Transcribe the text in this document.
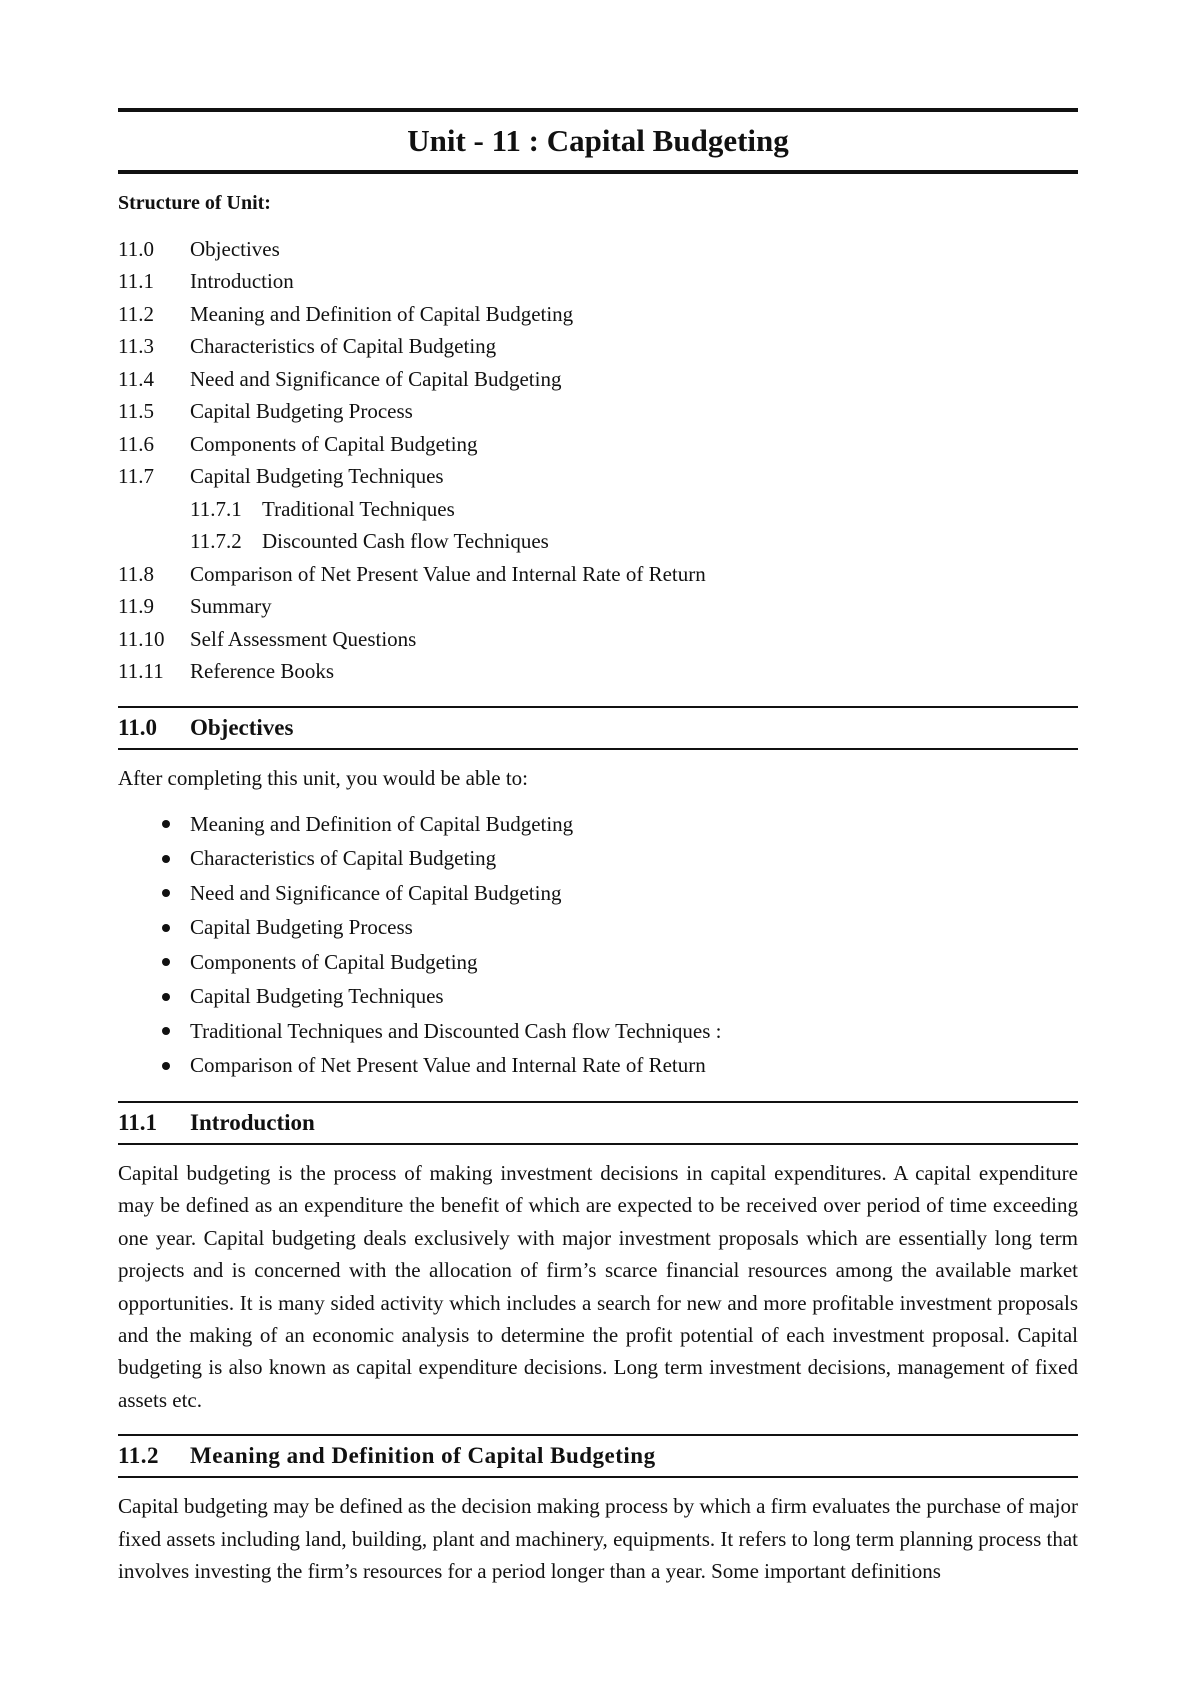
Unit - 11 : Capital Budgeting
Structure of Unit:
11.0	Objectives
11.1	Introduction
11.2	Meaning and Definition of Capital Budgeting
11.3	Characteristics of Capital Budgeting
11.4	Need and Significance of Capital Budgeting
11.5	Capital Budgeting Process
11.6	Components of Capital Budgeting
11.7	Capital Budgeting Techniques
11.7.1 Traditional Techniques
11.7.2 Discounted Cash flow Techniques
11.8	Comparison of Net Present Value and Internal Rate of Return
11.9	Summary
11.10	Self Assessment Questions
11.11	Reference Books
11.0	Objectives
After completing this unit, you would be able to:
Meaning and Definition of Capital Budgeting
Characteristics of Capital Budgeting
Need and Significance of Capital Budgeting
Capital Budgeting Process
Components of Capital Budgeting
Capital Budgeting Techniques
Traditional Techniques and Discounted Cash flow Techniques :
Comparison of Net Present Value and Internal Rate of Return
11.1	Introduction
Capital budgeting is the process of making investment decisions in capital expenditures. A capital expenditure may be defined as an expenditure the benefit of which are expected to be received over period of time exceeding one year. Capital budgeting deals exclusively with major investment proposals which are essentially long term projects and is concerned with the allocation of firm’s scarce financial resources among the available market opportunities. It is many sided activity which includes a search for new and more profitable investment proposals and the making of an economic analysis to determine the profit potential of each investment proposal. Capital budgeting is also known as capital expenditure decisions. Long term investment decisions, management of fixed assets etc.
11.2	Meaning and Definition of Capital Budgeting
Capital budgeting may be defined as the decision making process by which a firm evaluates the purchase of major fixed assets including land, building, plant and machinery, equipments. It refers to long term planning process that involves investing the firm’s resources for a period longer than a year. Some important definitions
